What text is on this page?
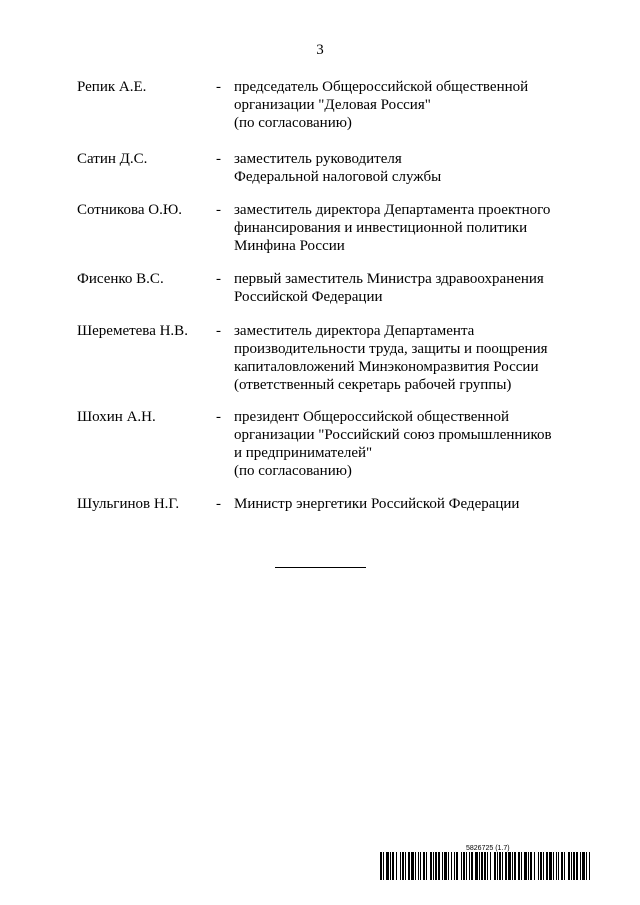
3
Репик А.Е.	- председатель Общероссийской общественной
организации "Деловая Россия"
(по согласованию)
Сатин Д.С.	- заместитель руководителя
Федеральной налоговой службы
Сотникова О.Ю. - заместитель директора Департамента проектного
финансирования и инвестиционной политики
Минфина России
Фисенко В.С.	- первый заместитель Министра здравоохранения
Российской Федерации
Шереметева Н.В. - заместитель директора Департамента
производительности труда, защиты и поощрения
капиталовложений Минэкономразвития России
(ответственный секретарь рабочей группы)
Шохин А.Н.	- президент Общероссийской общественной
организации "Российский союз промышленников
и предпринимателей"
(по согласованию)
Шульгинов Н.Г. - Министр энергетики Российской Федерации
5826725 (1.7)
